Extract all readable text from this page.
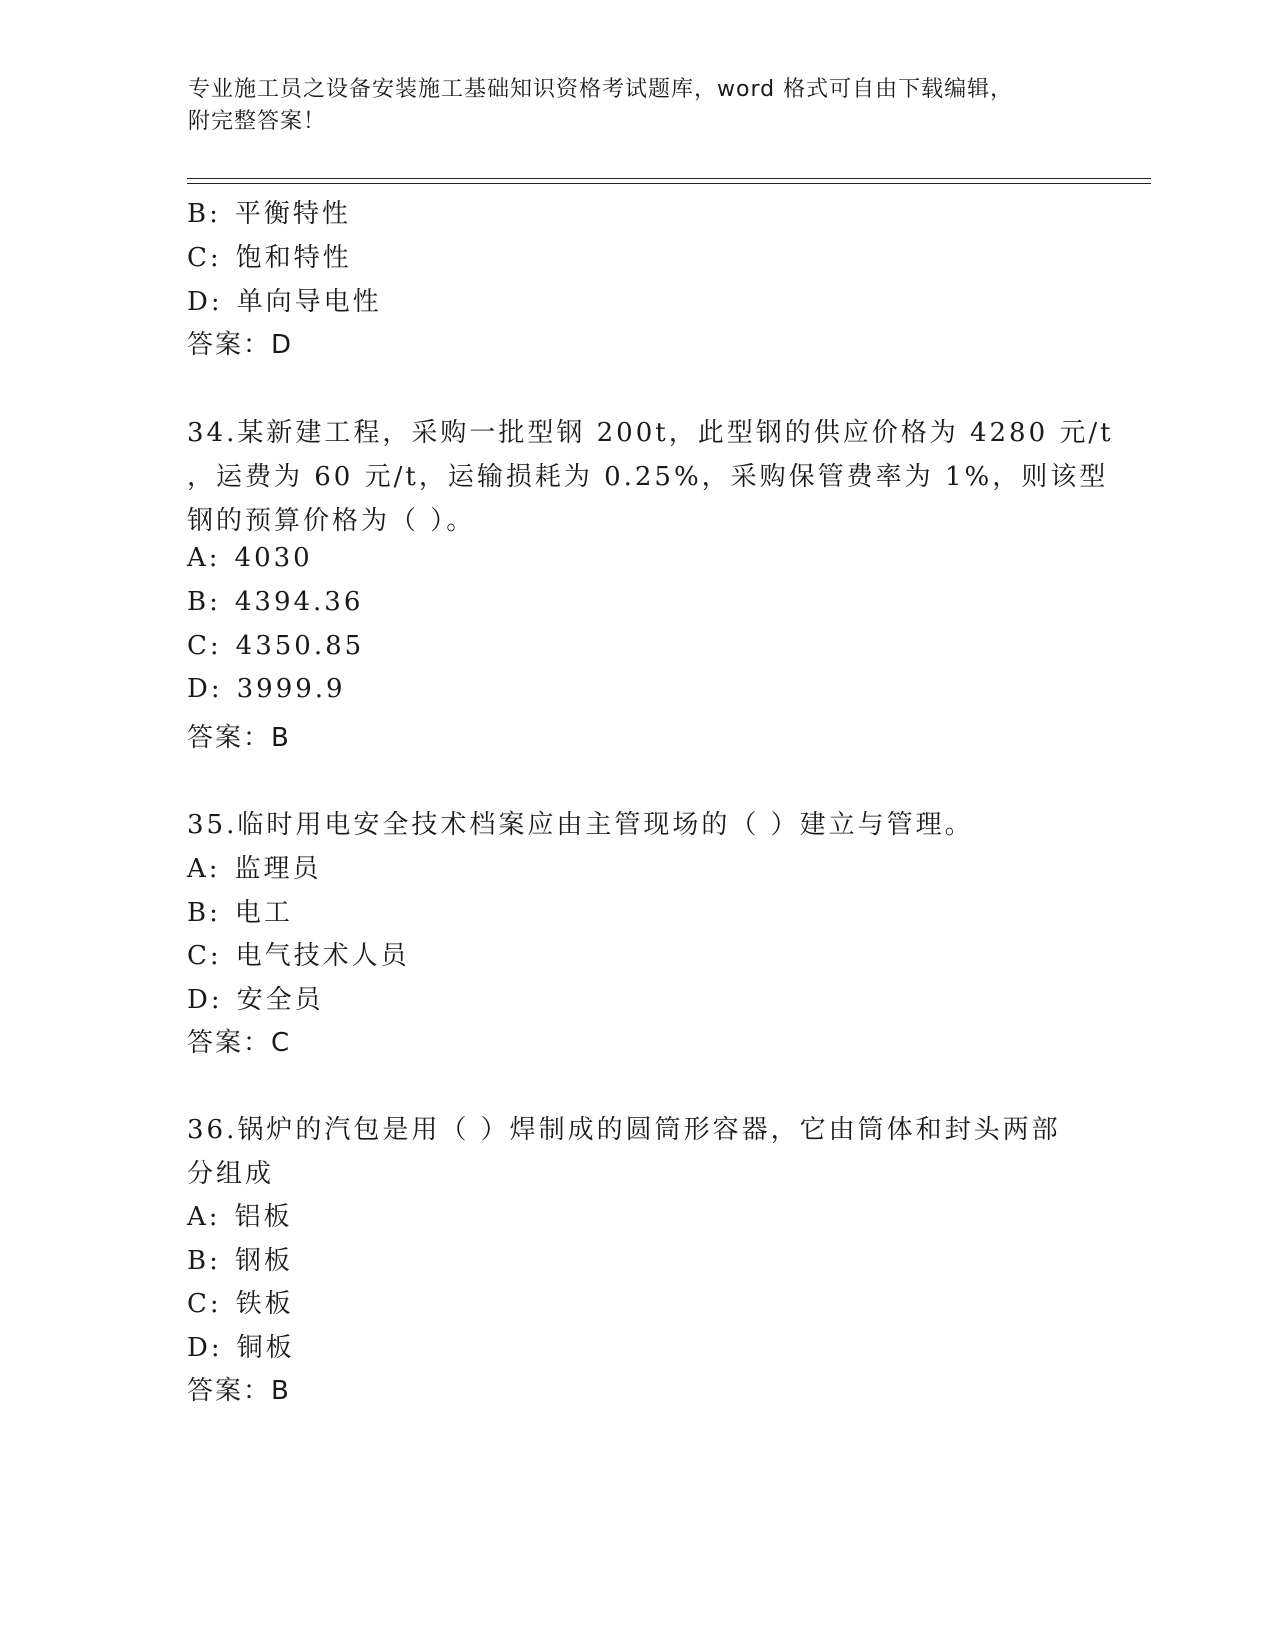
专业施工员之设备安装施工基础知识资格考试题库，word 格式可自由下载编辑，
附完整答案！
B: 平衡特性
C: 饱和特性
D: 单向导电性
答案：D
34.某新建工程，采购一批型钢 200t，此型钢的供应价格为 4280 元/t
，运费为 60 元/t，运输损耗为 0.25%，采购保管费率为 1%，则该型
钢的预算价格为（ ）。
A: 4030
B: 4394.36
C: 4350.85
D: 3999.9
答案：B
35.临时用电安全技术档案应由主管现场的（ ）建立与管理。
A: 监理员
B: 电工
C: 电气技术人员
D: 安全员
答案：C
36.锅炉的汽包是用（ ）焊制成的圆筒形容器，它由筒体和封头两部
分组成
A: 铝板
B: 钢板
C: 铁板
D: 铜板
答案：B
